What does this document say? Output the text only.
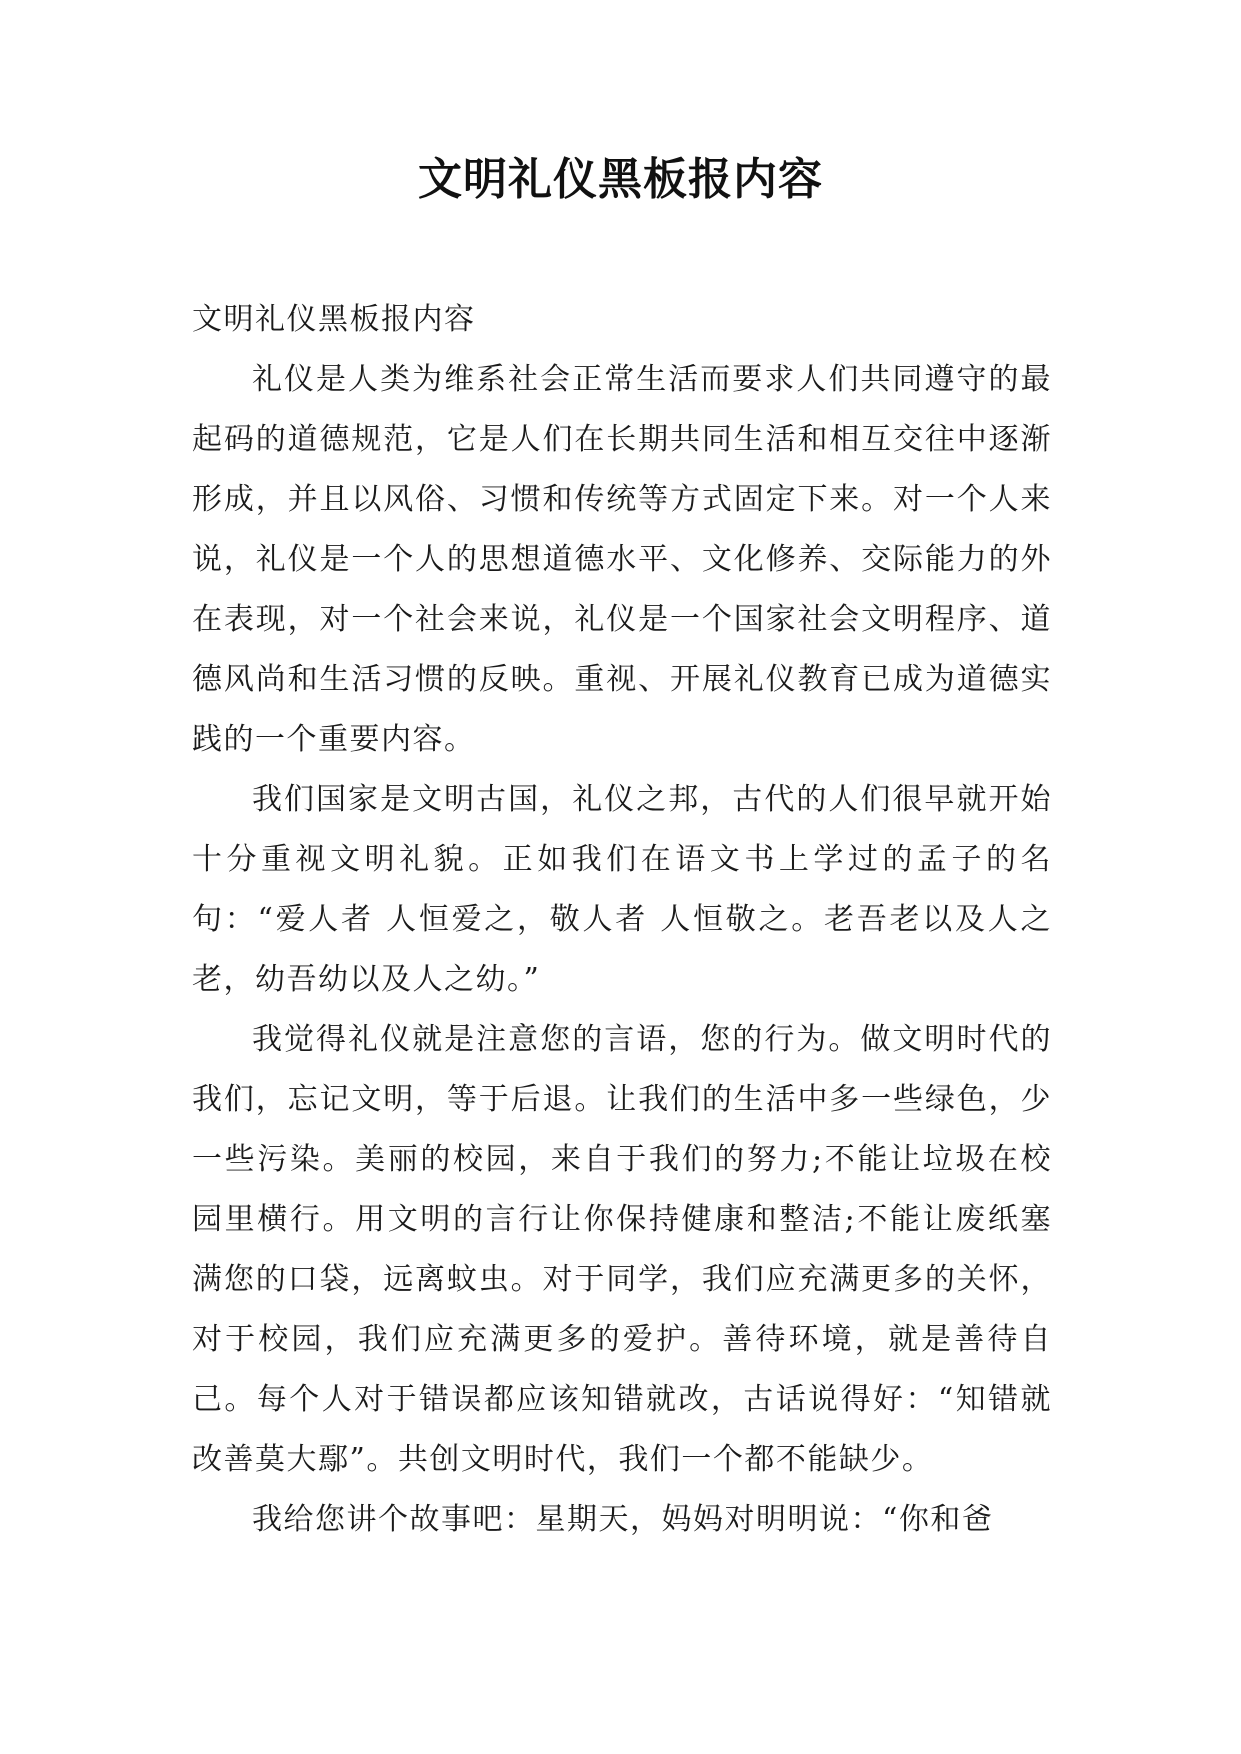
文明礼仪黑板报内容

文明礼仪黑板报内容

礼仪是人类为维系社会正常生活而要求人们共同遵守的最起码的道德规范，它是人们在长期共同生活和相互交往中逐渐形成，并且以风俗、习惯和传统等方式固定下来。对一个人来说，礼仪是一个人的思想道德水平、文化修养、交际能力的外在表现，对一个社会来说，礼仪是一个国家社会文明程序、道德风尚和生活习惯的反映。重视、开展礼仪教育已成为道德实践的一个重要内容。

我们国家是文明古国，礼仪之邦，古代的人们很早就开始十分重视文明礼貌。正如我们在语文书上学过的孟子的名句：“爱人者 人恒爱之，敬人者 人恒敬之。老吾老以及人之老，幼吾幼以及人之幼。”

我觉得礼仪就是注意您的言语，您的行为。做文明时代的我们，忘记文明，等于后退。让我们的生活中多一些绿色，少一些污染。美丽的校园，来自于我们的努力;不能让垃圾在校园里横行。用文明的言行让你保持健康和整洁;不能让废纸塞满您的口袋，远离蚊虫。对于同学，我们应充满更多的关怀，对于校园，我们应充满更多的爱护。善待环境，就是善待自己。每个人对于错误都应该知错就改，古话说得好：“知错就改善莫大鄢”。共创文明时代，我们一个都不能缺少。

我给您讲个故事吧：星期天，妈妈对明明说：“你和爸
